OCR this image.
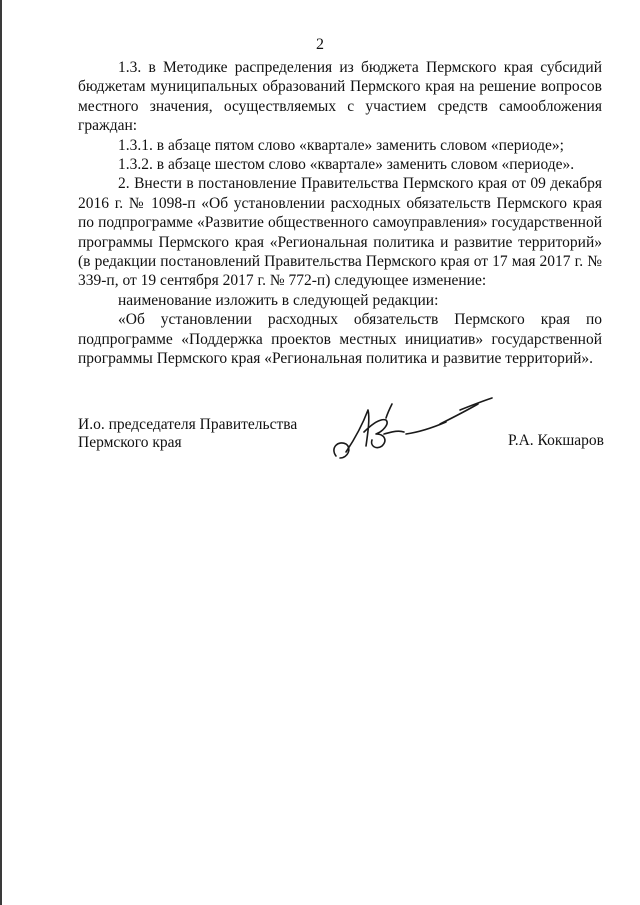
2

1.3. в Методике распределения из бюджета Пермского края субсидий бюджетам муниципальных образований Пермского края на решение вопросов местного значения, осуществляемых с участием средств самообложения граждан:

1.3.1. в абзаце пятом слово «квартале» заменить словом «периоде»;

1.3.2. в абзаце шестом слово «квартале» заменить словом «периоде».

2. Внести в постановление Правительства Пермского края от 09 декабря 2016 г. № 1098-п «Об установлении расходных обязательств Пермского края по подпрограмме «Развитие общественного самоуправления» государственной программы Пермского края «Региональная политика и развитие территорий» (в редакции постановлений Правительства Пермского края от 17 мая 2017 г. № 339-п, от 19 сентября 2017 г. № 772-п) следующее изменение:

наименование изложить в следующей редакции:

«Об установлении расходных обязательств Пермского края по подпрограмме «Поддержка проектов местных инициатив» государственной программы Пермского края «Региональная политика и развитие территорий».

И.о. председателя Правительства
Пермского края	Р.А. Кокшаров
